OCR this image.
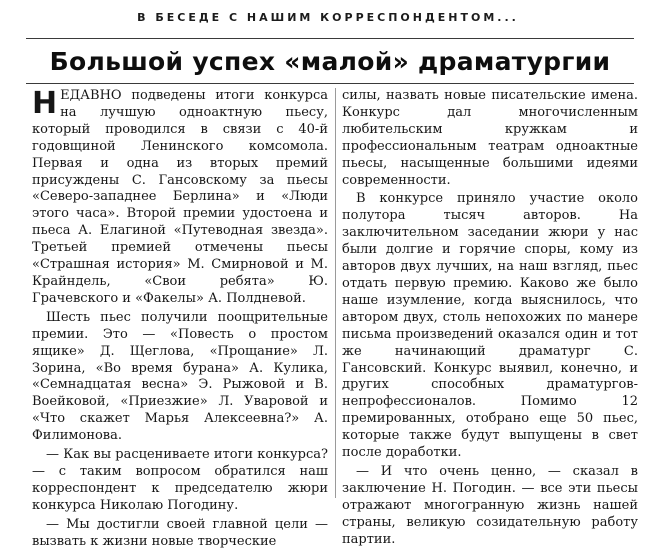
В БЕСЕДЕ С НАШИМ КОРРЕСПОНДЕНТОМ...
Большой успех «малой» драматургии

НЕДАВНО подведены итоги конкурса на лучшую одноактную пьесу, который проводился в связи с 40-й годовщиной Ленинского комсомола. Первая и одна из вторых премий присуждены С. Гансовскому за пьесы «Северо-западнее Берлина» и «Люди этого часа». Второй премии удостоена и пьеса А. Елагиной «Путеводная звезда». Третьей премией отмечены пьесы «Страшная история» М. Смирновой и М. Крайндель, «Свои ребята» Ю. Грачевского и «Факелы» А. Полдневой.

Шесть пьес получили поощрительные премии. Это — «Повесть о простом ящике» Д. Щеглова, «Прощание» Л. Зорина, «Во время бурана» А. Кулика, «Семнадцатая весна» Э. Рыжовой и В. Воейковой, «Приезжие» Л. Уваровой и «Что скажет Марья Алексеевна?» А. Филимонова.

— Как вы расцениваете итоги конкурса? — с таким вопросом обратился наш корреспондент к председателю жюри конкурса Николаю Погодину.

— Мы достигли своей главной цели — вызвать к жизни новые творческие

силы, назвать новые писательские имена. Конкурс дал многочисленным любительским кружкам и профессиональным театрам одноактные пьесы, насыщенные большими идеями современности.

В конкурсе приняло участие около полутора тысяч авторов. На заключительном заседании жюри у нас были долгие и горячие споры, кому из авторов двух лучших, на наш взгляд, пьес отдать первую премию. Каково же было наше изумление, когда выяснилось, что автором двух, столь непохожих по манере письма произведений оказался один и тот же начинающий драматург С. Гансовский. Конкурс выявил, конечно, и других способных драматургов-непрофессионалов. Помимо 12 премированных, отобрано еще 50 пьес, которые также будут выпущены в свет после доработки.

— И что очень ценно, — сказал в заключение Н. Погодин. — все эти пьесы отражают многогранную жизнь нашей страны, великую созидательную работу партии.
